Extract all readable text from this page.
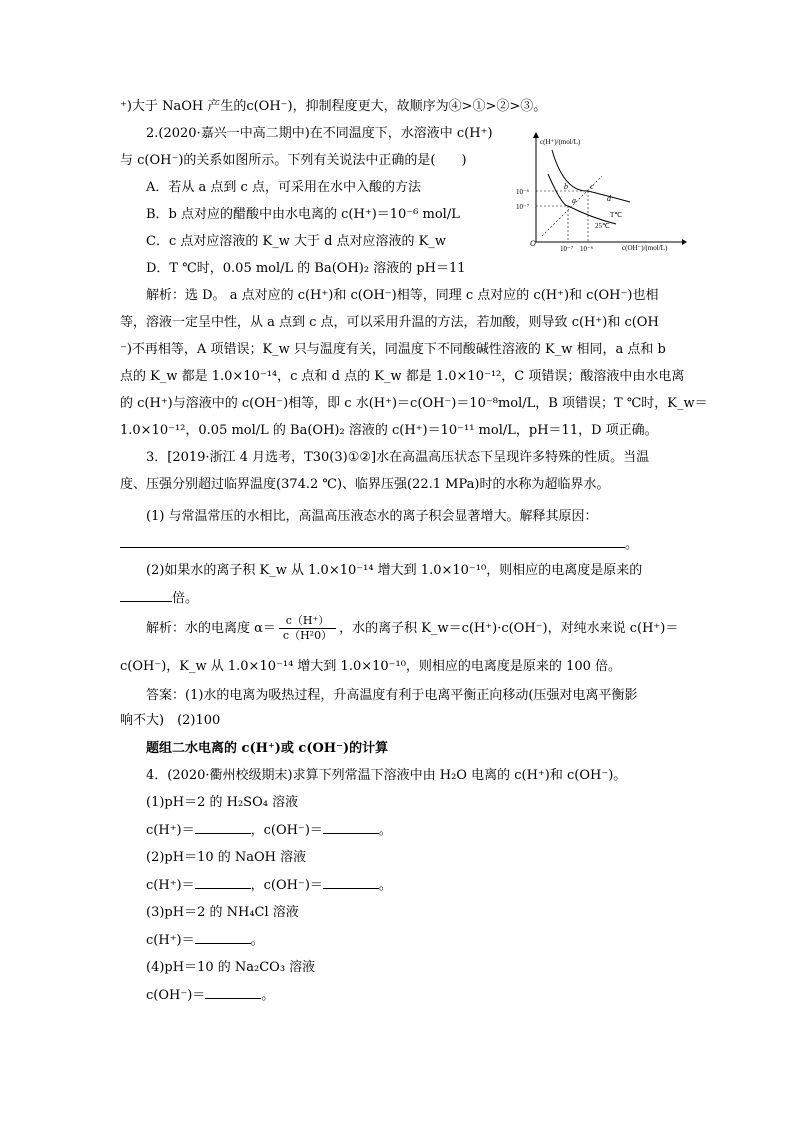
⁺)大于 NaOH 产生的c(OH⁻)，抑制程度更大，故顺序为④>①>②>③。
2.(2020·嘉兴一中高二期中)在不同温度下，水溶液中 c(H⁺)
与 c(OH⁻)的关系如图所示。下列有关说法中正确的是(　　)
A．若从 a 点到 c 点，可采用在水中入酸的方法
B．b 点对应的醋酸中由水电离的 c(H⁺)＝10⁻⁶ mol/L
C．c 点对应溶液的 K_w 大于 d 点对应溶液的 K_w
D．T ℃时，0.05 mol/L 的 Ba(OH)₂ 溶液的 pH＝11
解析：选 D。 a 点对应的 c(H⁺)和 c(OH⁻)相等，同理 c 点对应的 c(H⁺)和 c(OH⁻)也相
等，溶液一定呈中性，从 a 点到 c 点，可以采用升温的方法，若加酸，则导致 c(H⁺)和 c(OH
⁻)不再相等，A 项错误；K_w 只与温度有关，同温度下不同酸碱性溶液的 K_w 相同，a 点和 b
点的 K_w 都是 1.0×10⁻¹⁴，c 点和 d 点的 K_w 都是 1.0×10⁻¹²，C 项错误；酸溶液中由水电离
的 c(H⁺)与溶液中的 c(OH⁻)相等，即 c 水(H⁺)＝c(OH⁻)＝10⁻⁸mol/L，B 项错误；T ℃时，K_w＝
1.0×10⁻¹²，0.05 mol/L 的 Ba(OH)₂ 溶液的 c(H⁺)＝10⁻¹¹ mol/L，pH＝11，D 项正确。
3．[2019·浙江 4 月选考，T30(3)①②]水在高温高压状态下呈现许多特殊的性质。当温
度、压强分别超过临界温度(374.2 ℃)、临界压强(22.1 MPa)时的水称为超临界水。
(1) 与常温常压的水相比，高温高压液态水的离子积会显著增大。解释其原因：
。
(2)如果水的离子积 K_w 从 1.0×10⁻¹⁴ 增大到 1.0×10⁻¹⁰，则相应的电离度是原来的
倍。
解析：水的电离度 $\alpha= \frac{c(H^+)}{\text{c（H²0）}}$ ，水的离子积 K_w＝c(H⁺)·c(OH⁻)，对纯水来说 c(H⁺)＝
c(OH⁻)，K_w 从 1.0×10⁻¹⁴ 增大到 1.0×10⁻¹⁰，则相应的电离度是原来的 100 倍。
答案：(1)水的电离为吸热过程，升高温度有利于电离平衡正向移动(压强对电离平衡影
响不大)　(2)100
题组二水电离的 c(H⁺)或 c(OH⁻)的计算
4．(2020·衢州校级期末)求算下列常温下溶液中由 H₂O 电离的 c(H⁺)和 c(OH⁻)。
(1)pH＝2 的 H₂SO₄ 溶液
c(H⁺)＝	，c(OH⁻)＝	。
(2)pH＝10 的 NaOH 溶液
c(H⁺)＝	，c(OH⁻)＝	。
(3)pH＝2 的 NH₄Cl 溶液
c(H⁺)＝	。
(4)pH＝10 的 Na₂CO₃ 溶液
c(OH⁻)＝	。
c(H⁺)/(mol/L)
c(OH⁻)/(mol/L)
O
10⁻⁶
10⁻⁷
10⁻⁷ 10⁻⁶
b	c
a	d
T℃
25℃
